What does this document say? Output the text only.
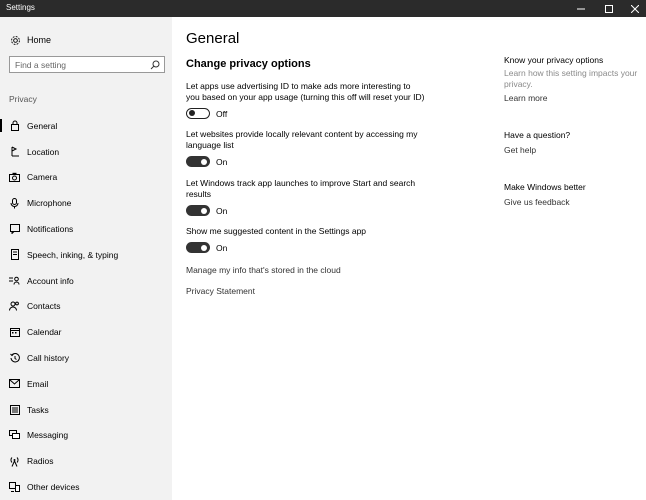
Settings
Home
Find a setting
Privacy
General
Location
Camera
Microphone
Notifications
Speech, inking, & typing
Account info
Contacts
Calendar
Call history
Email
Tasks
Messaging
Radios
Other devices
General
Change privacy options
Let apps use advertising ID to make ads more interesting to you based on your app usage (turning this off will reset your ID)
Off
Let websites provide locally relevant content by accessing my language list
On
Let Windows track app launches to improve Start and search results
On
Show me suggested content in the Settings app
On
Manage my info that's stored in the cloud
Privacy Statement
Know your privacy options
Learn how this setting impacts your privacy.
Learn more
Have a question?
Get help
Make Windows better
Give us feedback
